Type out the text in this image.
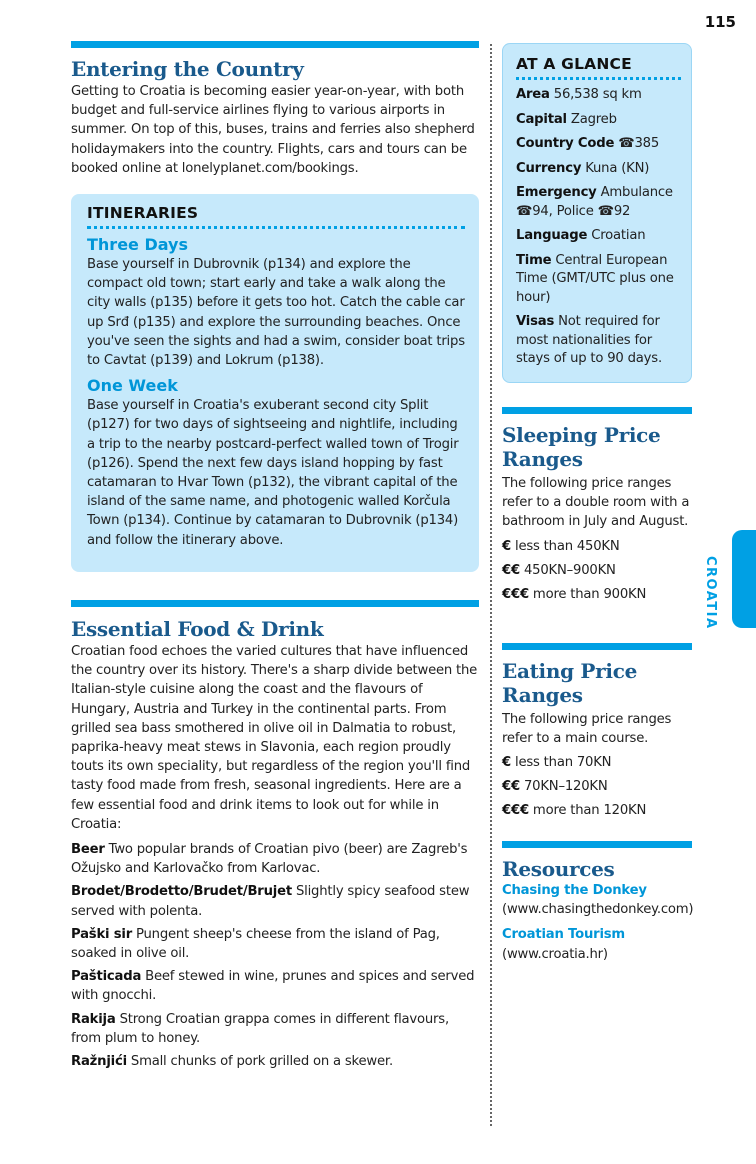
115
Entering the Country

Getting to Croatia is becoming easier year-on-year, with both budget and full-service airlines flying to various airports in summer. On top of this, buses, trains and ferries also shepherd holidaymakers into the country. Flights, cars and tours can be booked online at lonelyplanet.com/bookings.

ITINERARIES
Three Days

Base yourself in Dubrovnik (p134) and explore the compact old town; start early and take a walk along the city walls (p135) before it gets too hot. Catch the cable car up Srđ (p135) and explore the surrounding beaches. Once you've seen the sights and had a swim, consider boat trips to Cavtat (p139) and Lokrum (p138).

One Week

Base yourself in Croatia's exuberant second city Split (p127) for two days of sightseeing and nightlife, including a trip to the nearby postcard-perfect walled town of Trogir (p126). Spend the next few days island hopping by fast catamaran to Hvar Town (p132), the vibrant capital of the island of the same name, and photogenic walled Korčula Town (p134). Continue by catamaran to Dubrovnik (p134) and follow the itinerary above.

Essential Food & Drink

Croatian food echoes the varied cultures that have influenced the country over its history. There's a sharp divide between the Italian-style cuisine along the coast and the flavours of Hungary, Austria and Turkey in the continental parts. From grilled sea bass smothered in olive oil in Dalmatia to robust, paprika-heavy meat stews in Slavonia, each region proudly touts its own speciality, but regardless of the region you'll find tasty food made from fresh, seasonal ingredients. Here are a few essential food and drink items to look out for while in Croatia:

Beer Two popular brands of Croatian pivo (beer) are Zagreb's Ožujsko and Karlovačko from Karlovac.

Brodet/Brodetto/Brudet/Brujet Slightly spicy seafood stew served with polenta.

Paški sir Pungent sheep's cheese from the island of Pag, soaked in olive oil.

Pašticada Beef stewed in wine, prunes and spices and served with gnocchi.

Rakija Strong Croatian grappa comes in different flavours, from plum to honey.

Ražnjići Small chunks of pork grilled on a skewer.

AT A GLANCE

Area 56,538 sq km

Capital Zagreb

Country Code ☎385

Currency Kuna (KN)

Emergency Ambulance ☎94, Police ☎92

Language Croatian

Time Central European Time (GMT/UTC plus one hour)

Visas Not required for most nationalities for stays of up to 90 days.

Sleeping Price Ranges

The following price ranges refer to a double room with a bathroom in July and August.

€ less than 450KN

€€ 450KN–900KN

€€€ more than 900KN

Eating Price Ranges

The following price ranges refer to a main course.

€ less than 70KN

€€ 70KN–120KN

€€€ more than 120KN

Resources

Chasing the Donkey (www.chasingthedonkey.com)

Croatian Tourism (www.croatia.hr)

CROATIA
